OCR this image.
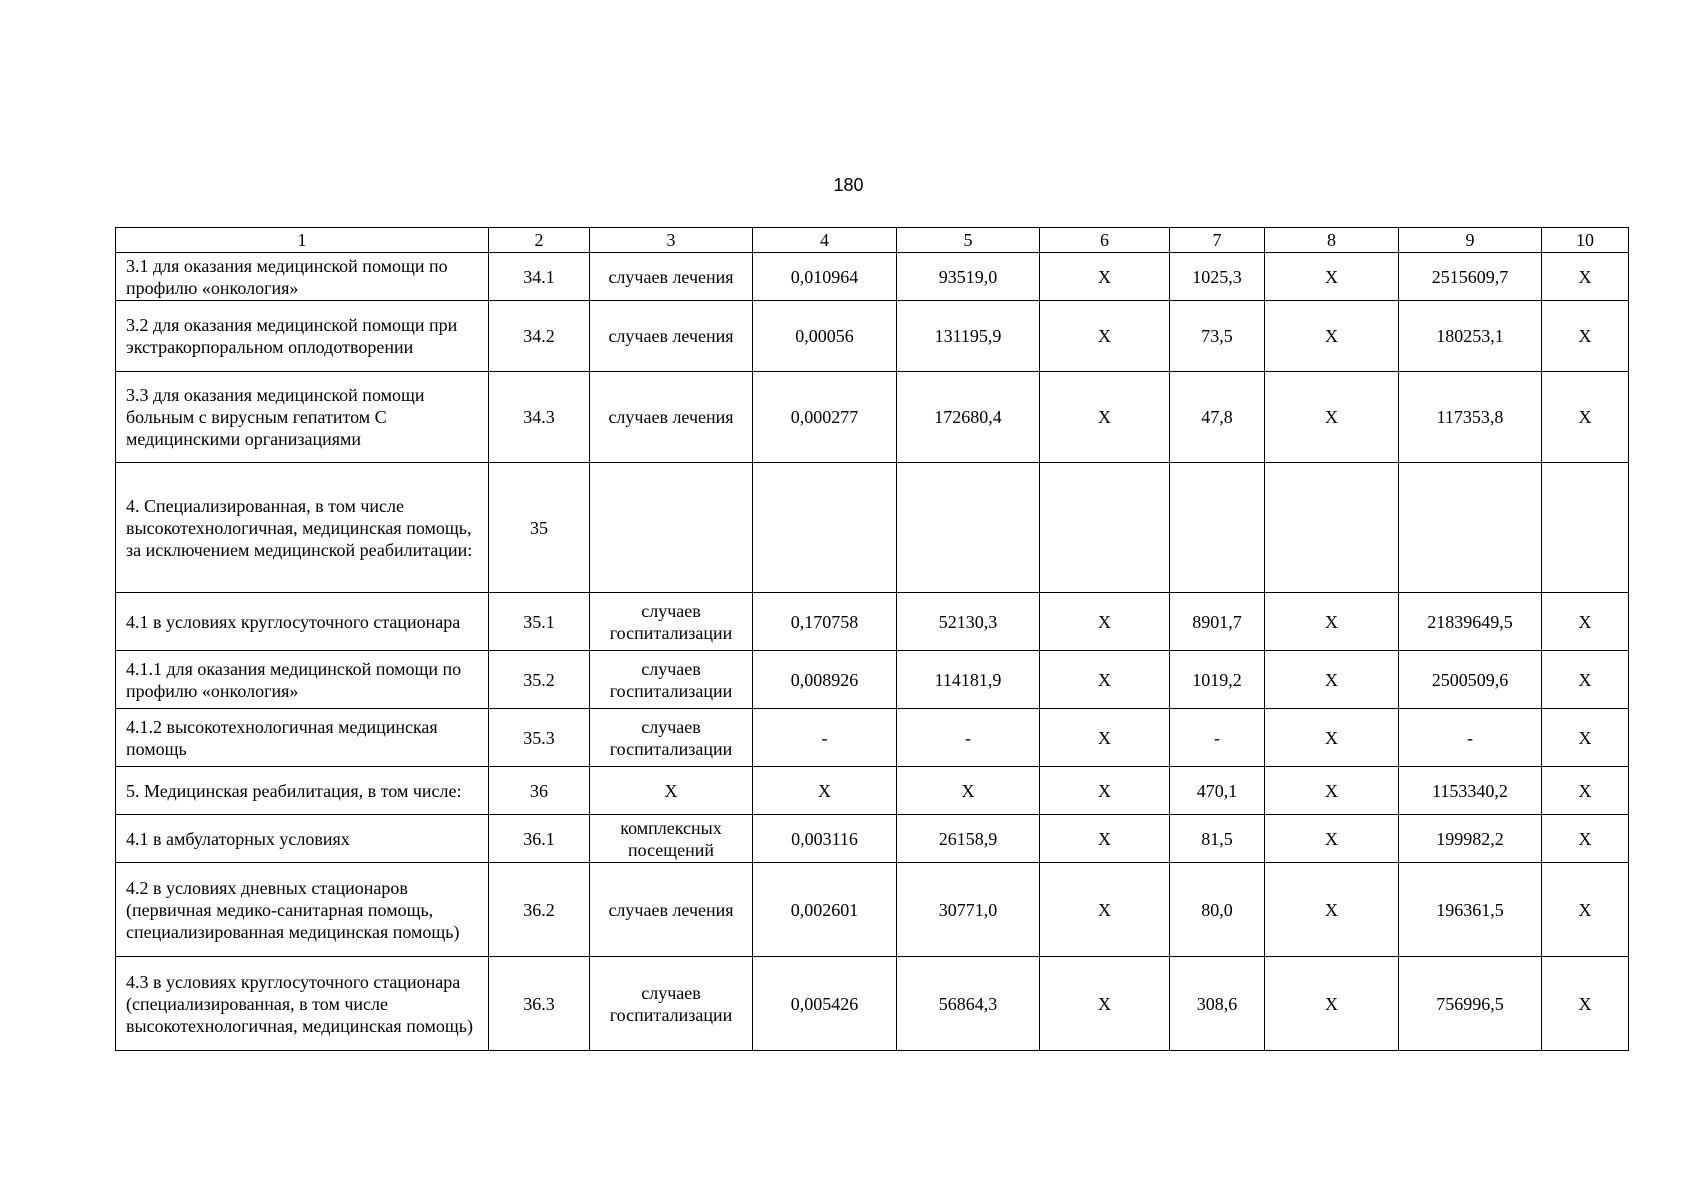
180
1	2	3	4	5	6	7	8	9	10
3.1 для оказания медицинской помощи по профилю «онкология»	34.1	случаев лечения	0,010964	93519,0	X	1025,3	X	2515609,7	X
3.2 для оказания медицинской помощи при экстракорпоральном оплодотворении	34.2	случаев лечения	0,00056	131195,9	X	73,5	X	180253,1	X
3.3 для оказания медицинской помощи больным с вирусным гепатитом С медицинскими организациями	34.3	случаев лечения	0,000277	172680,4	X	47,8	X	117353,8	X
4. Специализированная, в том числе высокотехнологичная, медицинская помощь, за исключением медицинской реабилитации:	35								
4.1 в условиях круглосуточного стационара	35.1	случаев госпитализации	0,170758	52130,3	X	8901,7	X	21839649,5	X
4.1.1 для оказания медицинской помощи по профилю «онкология»	35.2	случаев госпитализации	0,008926	114181,9	X	1019,2	X	2500509,6	X
4.1.2 высокотехнологичная медицинская помощь	35.3	случаев госпитализации	-	-	X	-	X	-	X
5. Медицинская реабилитация, в том числе:	36	X	X	X	X	470,1	X	1153340,2	X
4.1 в амбулаторных условиях	36.1	комплексных посещений	0,003116	26158,9	X	81,5	X	199982,2	X
4.2 в условиях дневных стационаров (первичная медико-санитарная помощь, специализированная медицинская помощь)	36.2	случаев лечения	0,002601	30771,0	X	80,0	X	196361,5	X
4.3 в условиях круглосуточного стационара (специализированная, в том числе высокотехнологичная, медицинская помощь)	36.3	случаев госпитализации	0,005426	56864,3	X	308,6	X	756996,5	X
